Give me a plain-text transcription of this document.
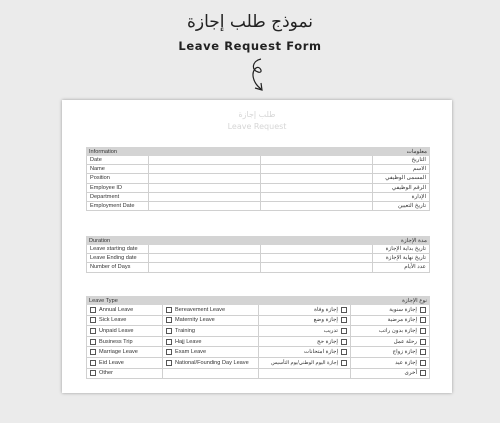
نموذج طلب إجازة
Leave Request Form
طلب إجازة
Leave Request
Information	معلومات
Date	التاريخ
Name	الاسم
Position	المسمى الوظيفي
Employee ID	الرقم الوظيفي
Department	الإدارة
Employment Date	تاريخ التعيين
Duration	مدة الإجازة
Leave starting date	تاريخ بداية الإجازة
Leave Ending date	تاريخ نهاية الإجازة
Number of Days	عدد الأيام
Leave Type	نوع الإجازة
Annual Leave	Bereavement Leave	إجازة وفاة	إجازة سنوية
Sick Leave	Maternity Leave	إجازة وضع	إجازة مرضية
Unpaid Leave	Training	تدريب	إجازة بدون راتب
Business Trip	Hajj Leave	إجازة حج	رحلة عمل
Marriage Leave	Exam Leave	إجازة امتحانات	إجازة زواج
Eid Leave	National/Founding Day Leave	إجازة اليوم الوطني/يوم التأسيس	إجازة عيد
Other	أخرى
